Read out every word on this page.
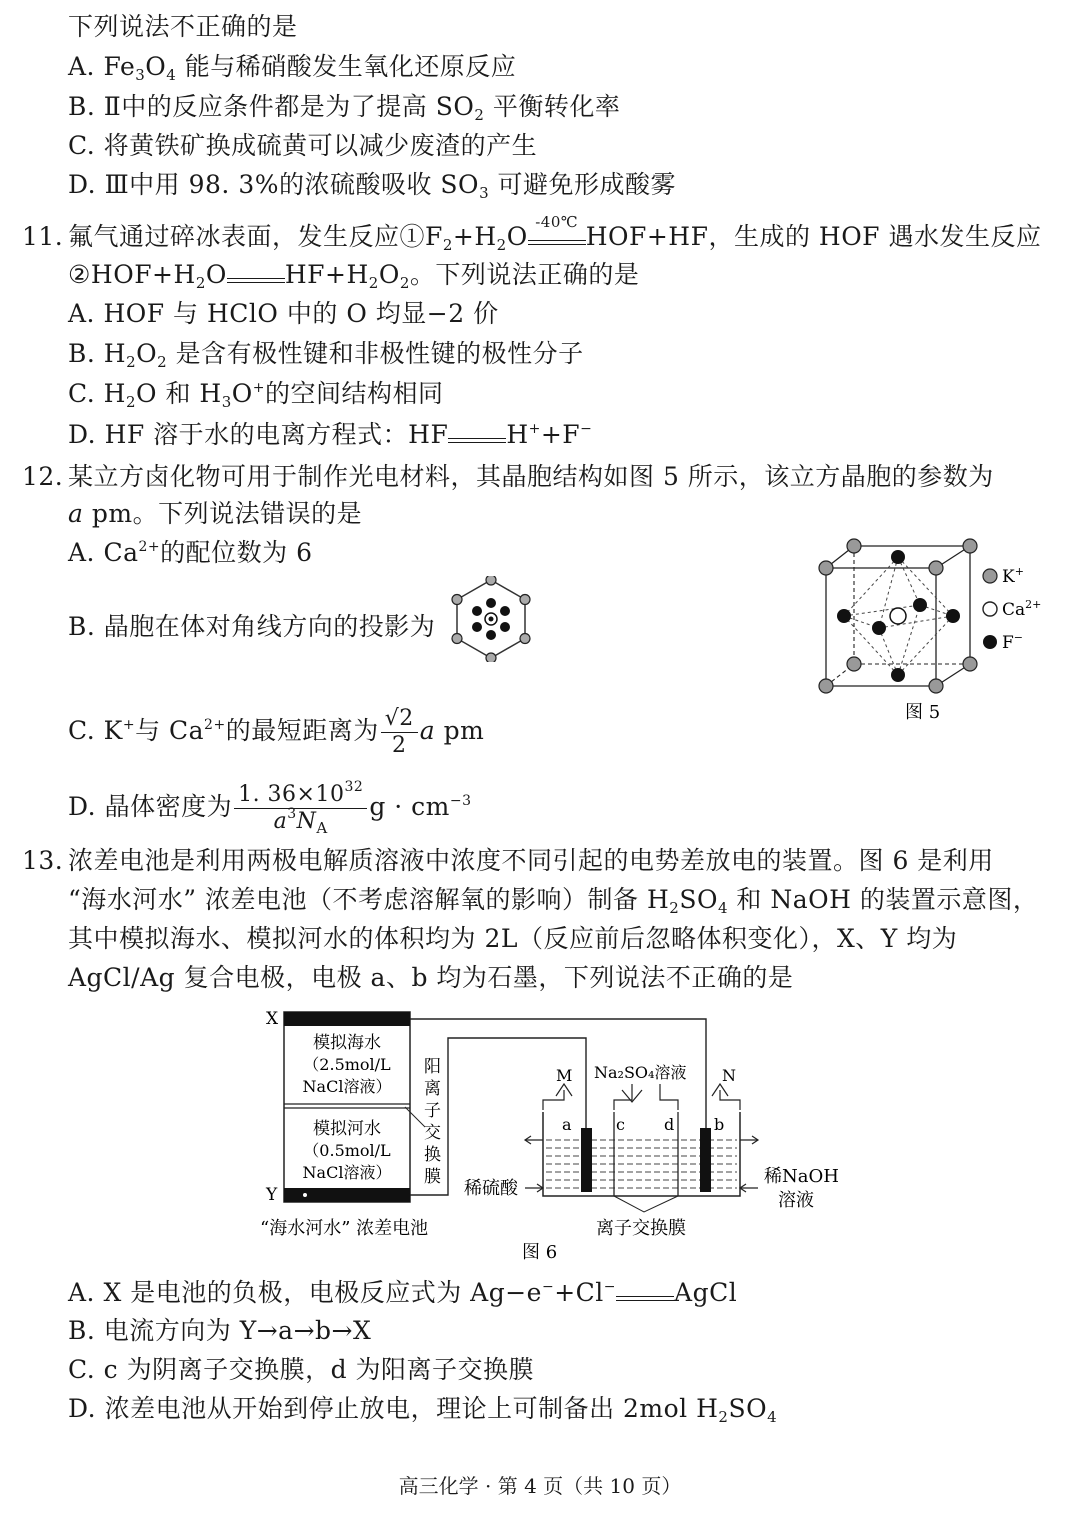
下列说法不正确的是
A. $Fe_3O_4$ 能与稀硝酸发生氧化还原反应
B. Ⅱ中的反应条件都是为了提高 $SO_2$ 平衡转化率
C. 将黄铁矿换成硫黄可以减少废渣的产生
D. Ⅲ中用 98. 3%的浓硫酸吸收 $SO_3$ 可避免形成酸雾
11. 氟气通过碎冰表面，发生反应$①F_2+H_2O$ -40℃ HOF+HF，生成的 HOF 遇水发生反应
$②HOF+H_2O$ $HF+H_2O_2$。下列说法正确的是
A. HOF 与 HClO 中的 O 均显−2 价
B. $H_2O_2$ 是含有极性键和非极性键的极性分子
C. $H_2O$ 和 $H_3O^+$的空间结构相同
D. HF 溶于水的电离方程式：HF H++F−
12. 某立方卤化物可用于制作光电材料，其晶胞结构如图 5 所示，该立方晶胞的参数为
a pm。下列说法错误的是
A. $Ca^{2+}$的配位数为 6
B. 晶胞在体对角线方向的投影为
C. K+与 $Ca^{2+}$的最短距离为 $\frac{√2}{2}$ a pm
D. 晶体密度为 $\frac{1. 36\times 10^{32}}{a^3N_A}$ $g \cdot cm^{-3}$
K+
$Ca^{2+}$
F−
图 5
13. 浓差电池是利用两极电解质溶液中浓度不同引起的电势差放电的装置。图 6 是利用
“海水河水” 浓差电池（不考虑溶解氧的影响）制备 $H_2SO_4$ 和 NaOH 的装置示意图，
其中模拟海水、模拟河水的体积均为 2L（反应前后忽略体积变化），X、Y 均为
AgCl/Ag 复合电极，电极 a、b 均为石墨，下列说法不正确的是
X
Y
模拟海水
（2.5mol/L
NaCl溶液）
模拟河水
（0.5mol/L
NaCl溶液）
阳
离
子
交
换
膜
“海水河水” 浓差电池
M	N
Na₂SO₄溶液
a	b
c d
稀硫酸
稀NaOH
溶液
离子交换膜
图 6
A. X 是电池的负极，电极反应式为 Ag−e−+Cl− AgCl
B. 电流方向为 Y→a→b→X
C. c 为阴离子交换膜，d 为阳离子交换膜
D. 浓差电池从开始到停止放电，理论上可制备出 2mol $H_2SO_4$
高三化学 · 第 4 页（共 10 页）
